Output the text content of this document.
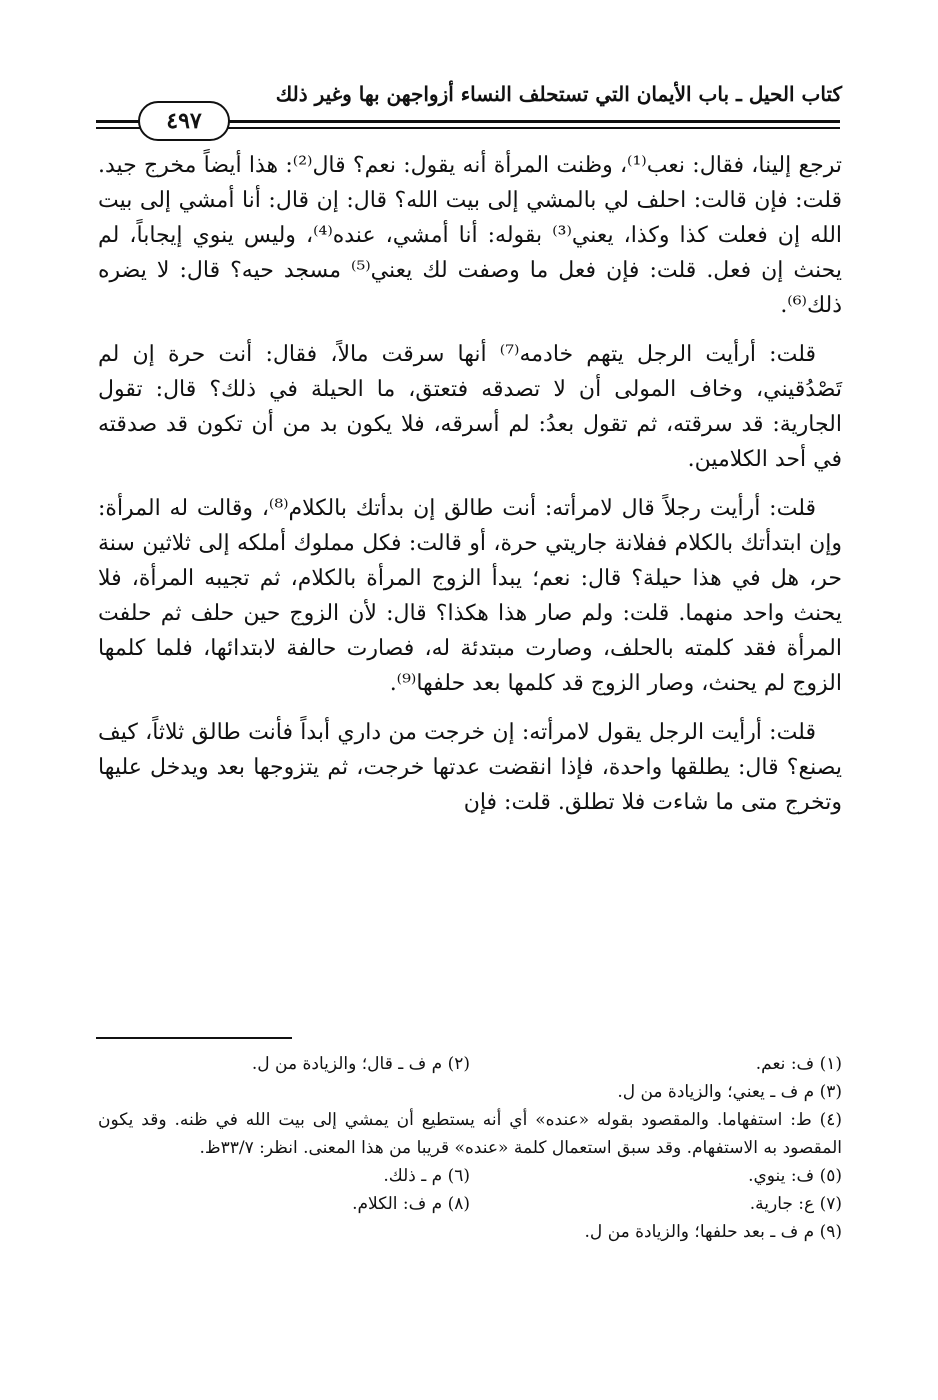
كتاب الحيل ـ باب الأيمان التي تستحلف النساء أزواجهن بها وغير ذلك
٤٩٧

ترجع إلينا، فقال: نعب⁽¹⁾، وظنت المرأة أنه يقول: نعم؟ قال⁽²⁾: هذا أيضاً مخرج جيد. قلت: فإن قالت: احلف لي بالمشي إلى بيت الله؟ قال: إن قال: أنا أمشي إلى بيت الله إن فعلت كذا وكذا، يعني⁽³⁾ بقوله: أنا أمشي، عنده⁽⁴⁾، وليس ينوي إيجاباً، لم يحنث إن فعل. قلت: فإن فعل ما وصفت لك يعني⁽⁵⁾ مسجد حيه؟ قال: لا يضره ذلك⁽⁶⁾.

قلت: أرأيت الرجل يتهم خادمه⁽⁷⁾ أنها سرقت مالاً، فقال: أنت حرة إن لم تَصْدُقيني، وخاف المولى أن لا تصدقه فتعتق، ما الحيلة في ذلك؟ قال: تقول الجارية: قد سرقته، ثم تقول بعدُ: لم أسرقه، فلا يكون بد من أن تكون قد صدقته في أحد الكلامين.

قلت: أرأيت رجلاً قال لامرأته: أنت طالق إن بدأتك بالكلام⁽⁸⁾، وقالت له المرأة: وإن ابتدأتك بالكلام ففلانة جاريتي حرة، أو قالت: فكل مملوك أملكه إلى ثلاثين سنة حر، هل في هذا حيلة؟ قال: نعم؛ يبدأ الزوج المرأة بالكلام، ثم تجيبه المرأة، فلا يحنث واحد منهما. قلت: ولم صار هذا هكذا؟ قال: لأن الزوج حين حلف ثم حلفت المرأة فقد كلمته بالحلف، وصارت مبتدئة له، فصارت حالفة لابتدائها، فلما كلمها الزوج لم يحنث، وصار الزوج قد كلمها بعد حلفها⁽⁹⁾.

قلت: أرأيت الرجل يقول لامرأته: إن خرجت من داري أبداً فأنت طالق ثلاثاً، كيف يصنع؟ قال: يطلقها واحدة، فإذا انقضت عدتها خرجت، ثم يتزوجها بعد ويدخل عليها وتخرج متى ما شاءت فلا تطلق. قلت: فإن

(١) ف: نعم.
(٢) م ف ـ قال؛ والزيادة من ل.
(٣) م ف ـ يعني؛ والزيادة من ل.
(٤) ط: استفهاما. والمقصود بقوله «عنده» أي أنه يستطيع أن يمشي إلى بيت الله في ظنه. وقد يكون المقصود به الاستفهام. وقد سبق استعمال كلمة «عنده» قريبا من هذا المعنى. انظر: ٣٣/٧ظ.
(٥) ف: ينوي.
(٦) م ـ ذلك.
(٧) ع: جارية.
(٨) م ف: الكلام.
(٩) م ف ـ بعد حلفها؛ والزيادة من ل.
